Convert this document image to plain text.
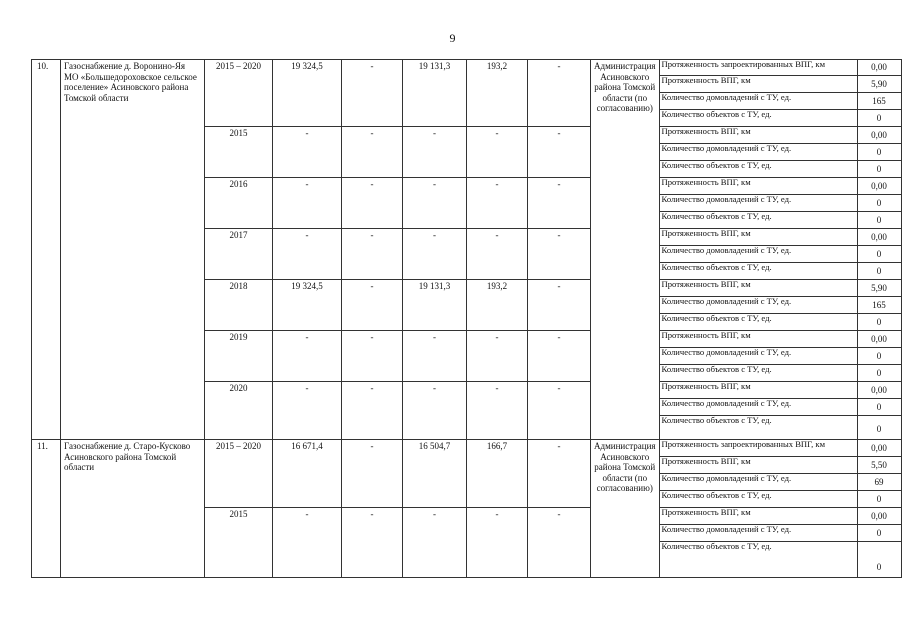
9
10.	Газоснабжение д. Воронино-Яя МО «Большедороховское сельское поселение» Асиновского района Томской области	2015 – 2020	19 324,5	-	19 131,3	193,2	-	Администрация Асиновского района Томской области (по согласованию)	Протяженность запроектированных ВПГ, км	0,00
									Протяженность ВПГ, км	5,90
									Количество домовладений с ТУ, ед.	165
									Количество объектов с ТУ, ед.	0
		2015	-	-	-	-	-		Протяженность ВПГ, км	0,00
									Количество домовладений с ТУ, ед.	0
									Количество объектов с ТУ, ед.	0
		2016	-	-	-	-	-		Протяженность ВПГ, км	0,00
									Количество домовладений с ТУ, ед.	0
									Количество объектов с ТУ, ед.	0
		2017	-	-	-	-	-		Протяженность ВПГ, км	0,00
									Количество домовладений с ТУ, ед.	0
									Количество объектов с ТУ, ед.	0
		2018	19 324,5	-	19 131,3	193,2	-		Протяженность ВПГ, км	5,90
									Количество домовладений с ТУ, ед.	165
									Количество объектов с ТУ, ед.	0
		2019	-	-	-	-	-		Протяженность ВПГ, км	0,00
									Количество домовладений с ТУ, ед.	0
									Количество объектов с ТУ, ед.	0
		2020	-	-	-	-	-		Протяженность ВПГ, км	0,00
									Количество домовладений с ТУ, ед.	0
									Количество объектов с ТУ, ед.	0
11.	Газоснабжение д. Старо-Кусково Асиновского района Томской области	2015 – 2020	16 671,4	-	16 504,7	166,7	-	Администрация Асиновского района Томской области (по согласованию)	Протяженность запроектированных ВПГ, км	0,00
									Протяженность ВПГ, км	5,50
									Количество домовладений с ТУ, ед.	69
									Количество объектов с ТУ, ед.	0
		2015	-	-	-	-	-		Протяженность ВПГ, км	0,00
									Количество домовладений с ТУ, ед.	0
									Количество объектов с ТУ, ед.	0
